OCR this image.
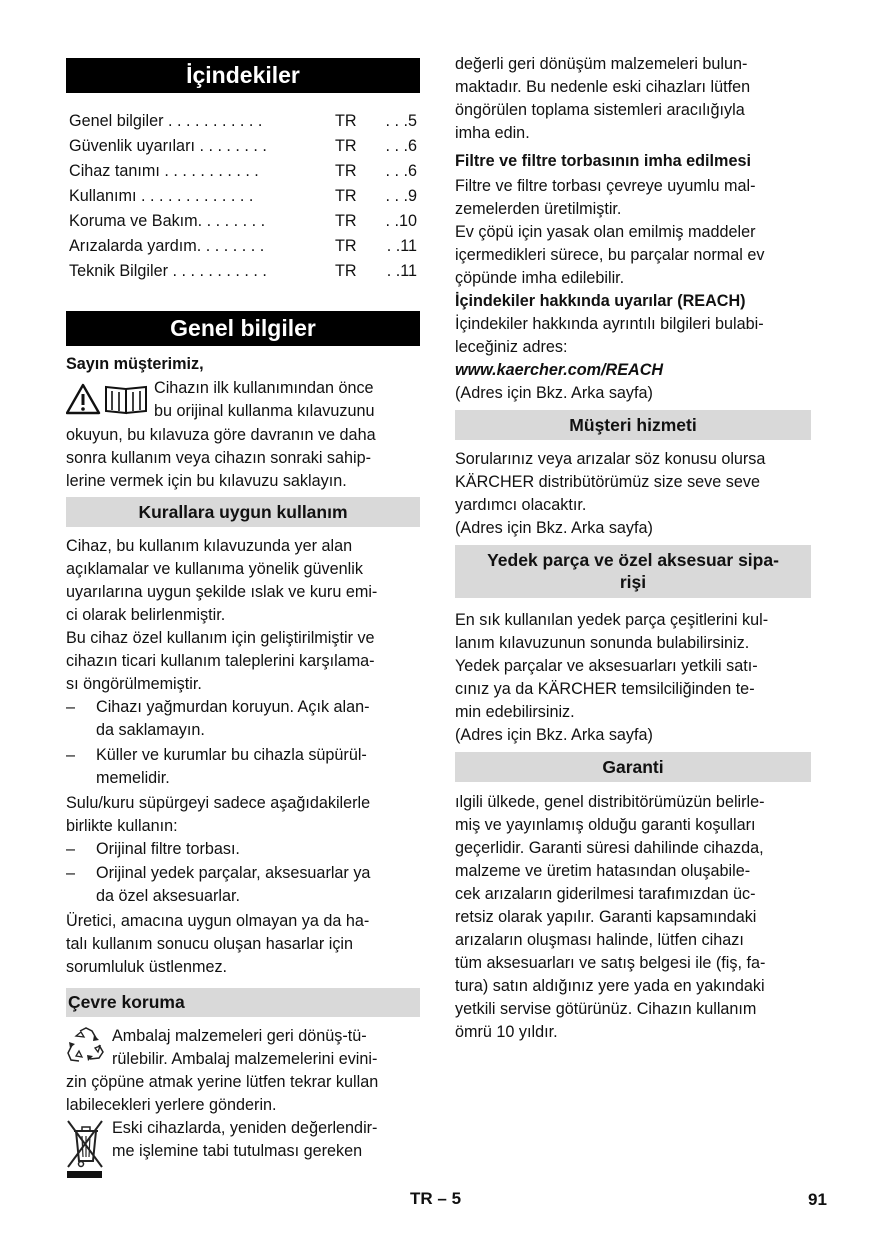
İçindekiler
Genel bilgiler . . . . . . . . . . .	TR . . .5
Güvenlik uyarıları . . . . . . . .	TR . . .6
Cihaz tanımı . . . . . . . . . . .	TR . . .6
Kullanımı . . . . . . . . . . . . .	TR . . .9
Koruma ve Bakım. . . . . . . .	TR . .10
Arızalarda yardım. . . . . . . .	TR . .11
Teknik Bilgiler . . . . . . . . . . .	TR . .11
Genel bilgiler
Sayın müşterimiz,
Cihazın ilk kullanımından önce
bu orijinal kullanma kılavuzunu
okuyun, bu kılavuza göre davranın ve daha
sonra kullanım veya cihazın sonraki sahip-
lerine vermek için bu kılavuzu saklayın.
Kurallara uygun kullanım
Cihaz, bu kullanım kılavuzunda yer alan
açıklamalar ve kullanıma yönelik güvenlik
uyarılarına uygun şekilde ıslak ve kuru emi-
ci olarak belirlenmiştir.
Bu cihaz özel kullanım için geliştirilmiştir ve
cihazın ticari kullanım taleplerini karşılama-
sı öngörülmemiştir.
– Cihazı yağmurdan koruyun. Açık alan-
da saklamayın.
– Küller ve kurumlar bu cihazla süpürül-
memelidir.
Sulu/kuru süpürgeyi sadece aşağıdakilerle
birlikte kullanın:
– Orijinal filtre torbası.
– Orijinal yedek parçalar, aksesuarlar ya
da özel aksesuarlar.
Üretici, amacına uygun olmayan ya da ha-
talı kullanım sonucu oluşan hasarlar için
sorumluluk üstlenmez.
Çevre koruma
Ambalaj malzemeleri geri dönüş-tü-
rülebilir. Ambalaj malzemelerini evini-
zin çöpüne atmak yerine lütfen tekrar kullan
labilecekleri yerlere gönderin.
Eski cihazlarda, yeniden değerlendir-
me işlemine tabi tutulması gereken
değerli geri dönüşüm malzemeleri bulun-
maktadır. Bu nedenle eski cihazları lütfen
öngörülen toplama sistemleri aracılığıyla
imha edin.
Filtre ve filtre torbasının imha edilmesi
Filtre ve filtre torbası çevreye uyumlu mal-
zemelerden üretilmiştir.
Ev çöpü için yasak olan emilmiş maddeler
içermedikleri sürece, bu parçalar normal ev
çöpünde imha edilebilir.
İçindekiler hakkında uyarılar (REACH)
İçindekiler hakkında ayrıntılı bilgileri bulabi-
leceğiniz adres:
www.kaercher.com/REACH
(Adres için Bkz. Arka sayfa)
Müşteri hizmeti
Sorularınız veya arızalar söz konusu olursa
KÄRCHER distribütörümüz size seve seve
yardımcı olacaktır.
(Adres için Bkz. Arka sayfa)
Yedek parça ve özel aksesuar sipa-
rişi
En sık kullanılan yedek parça çeşitlerini kul-
lanım kılavuzunun sonunda bulabilirsiniz.
Yedek parçalar ve aksesuarları yetkili satı-
cınız ya da KÄRCHER temsilciliğinden te-
min edebilirsiniz.
(Adres için Bkz. Arka sayfa)
Garanti
ılgili ülkede, genel distribitörümüzün belirle-
miş ve yayınlamış olduğu garanti koşulları
geçerlidir. Garanti süresi dahilinde cihazda,
malzeme ve üretim hatasından oluşabile-
cek arızaların giderilmesi tarafımızdan üc-
retsiz olarak yapılır. Garanti kapsamındaki
arızaların oluşması halinde, lütfen cihazı
tüm aksesuarları ve satış belgesi ile (fiş, fa-
tura) satın aldığınız yere yada en yakındaki
yetkili servise götürünüz. Cihazın kullanım
ömrü 10 yıldır.
TR – 5	91
